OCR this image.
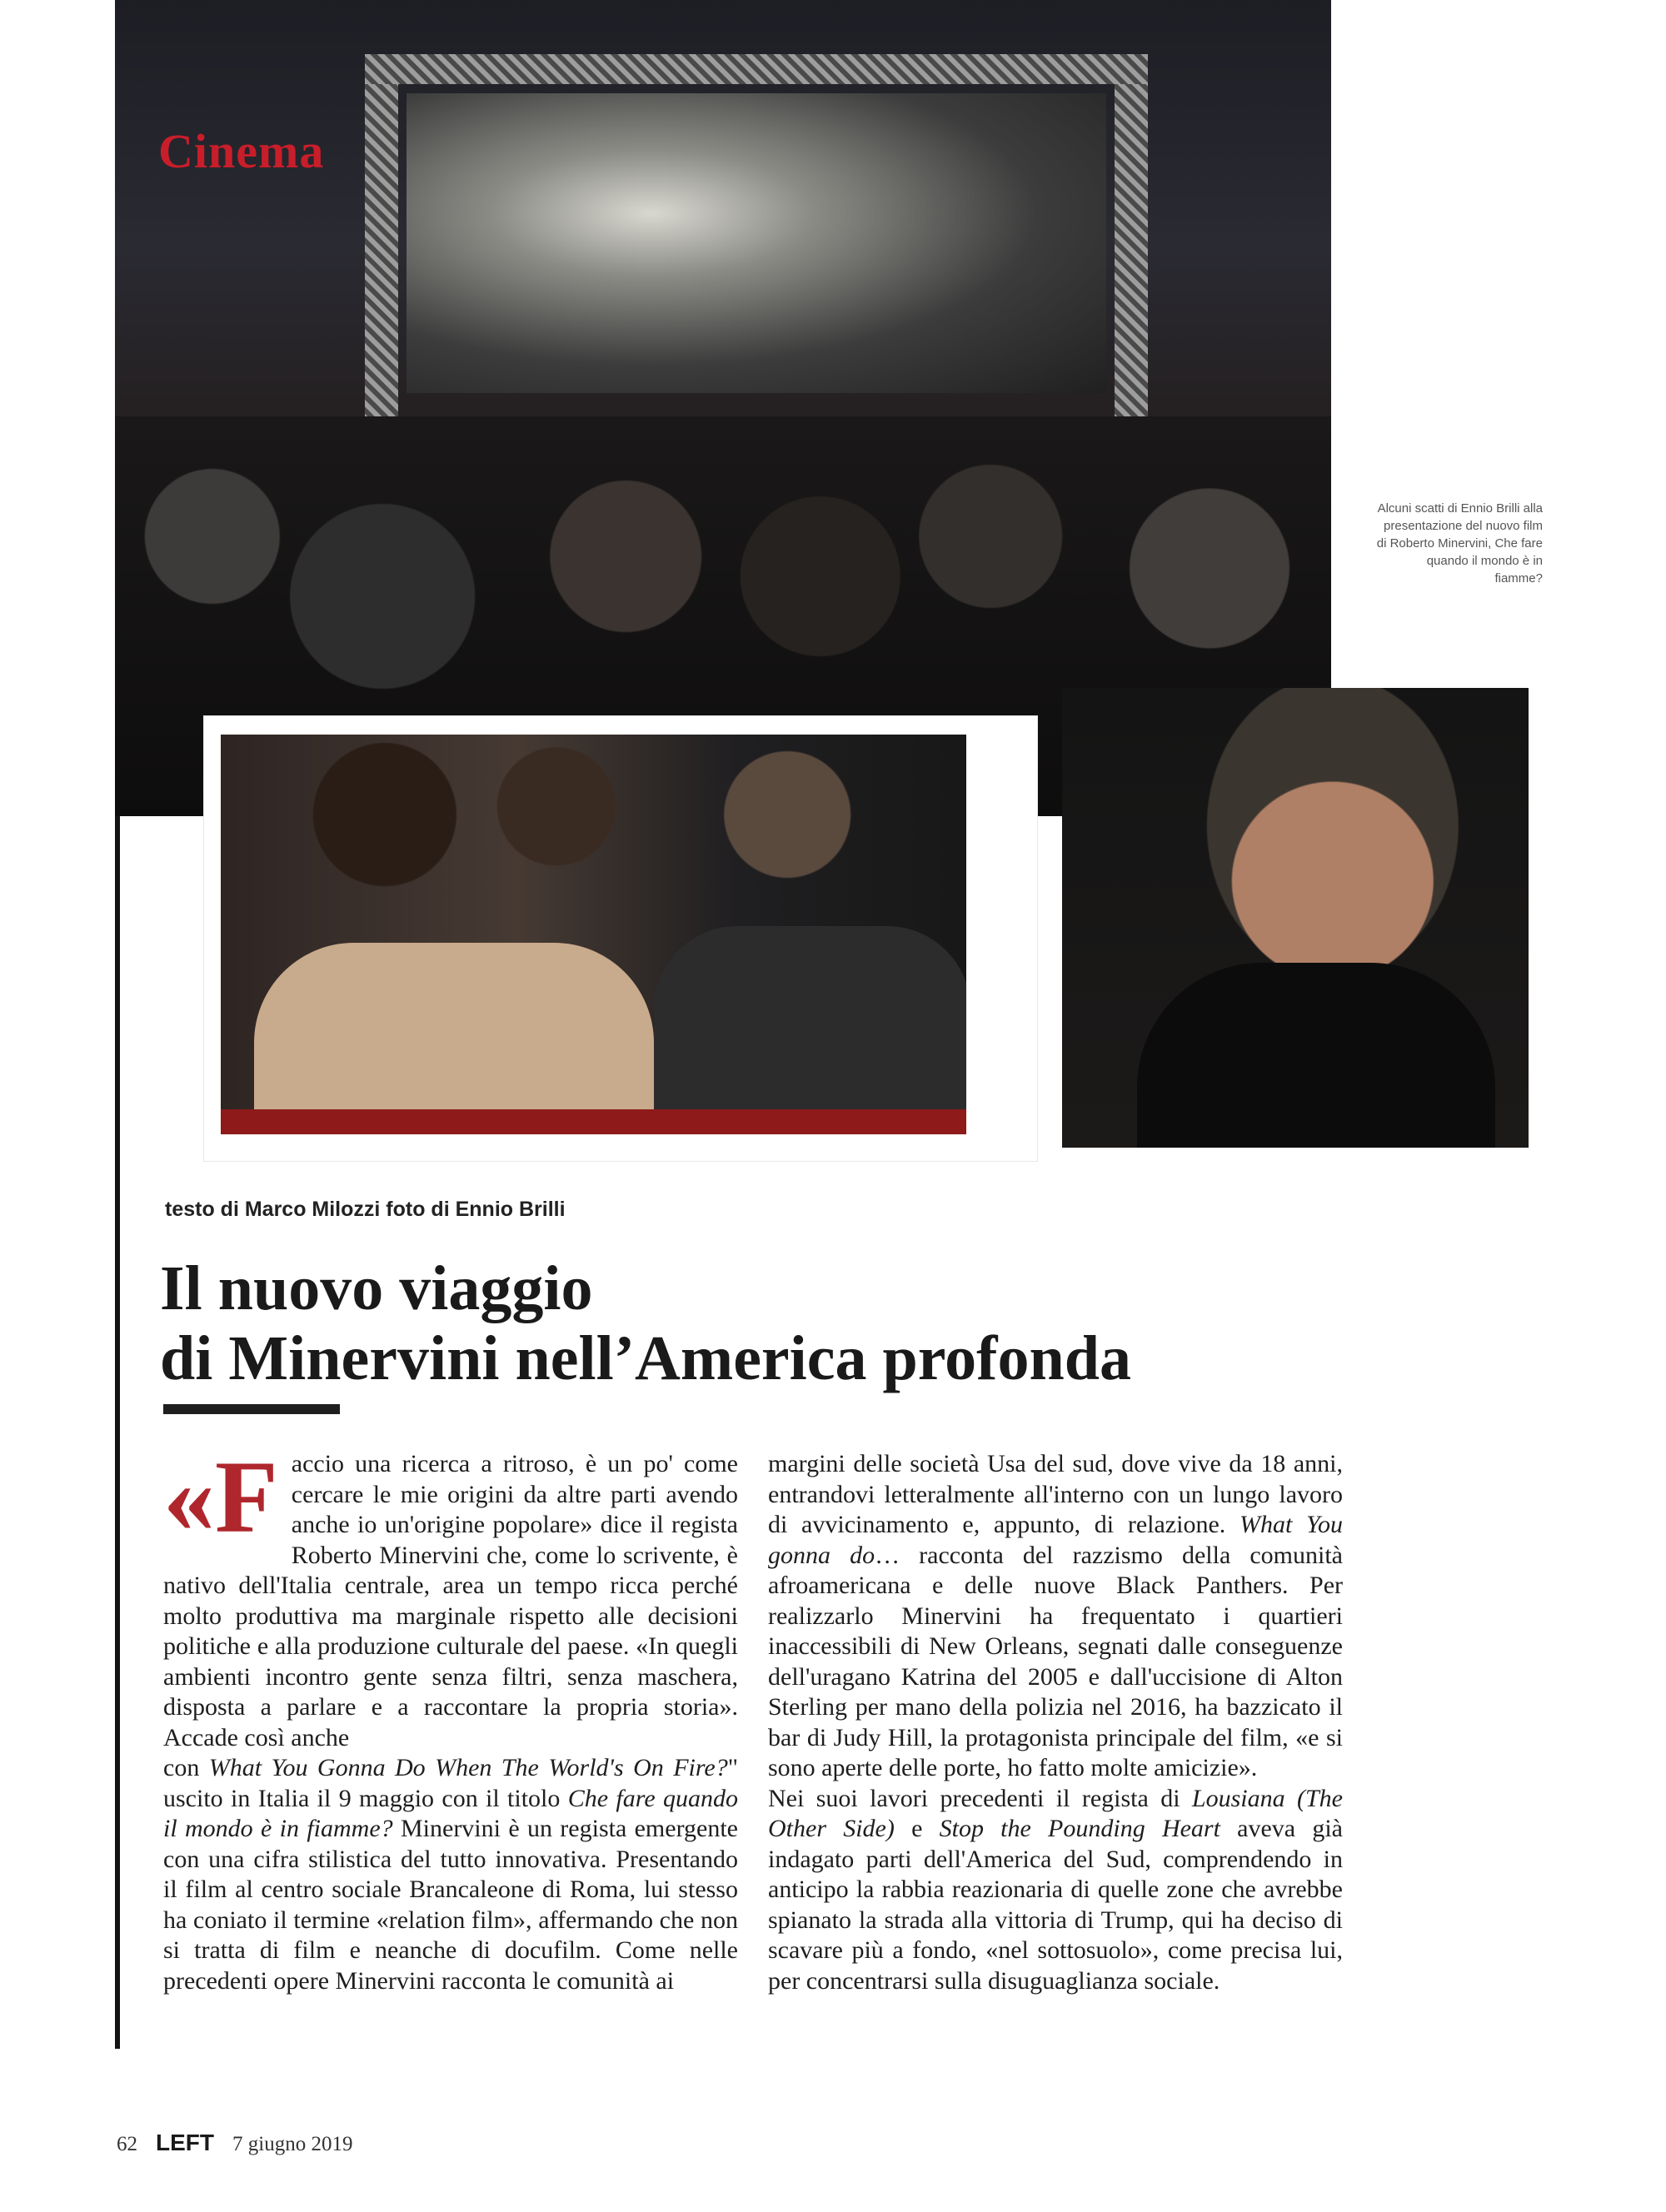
Cinema
Alcuni scatti di Ennio Brilli alla presentazione del nuovo film di Roberto Minervini, Che fare quando il mondo è in fiamme?
testo di Marco Milozzi foto di Ennio Brilli
Il nuovo viaggio
di Minervini nell’America profonda

«Faccio una ricerca a ritroso, è un po' come cercare le mie origini da altre parti avendo anche io un'origine popolare» dice il regista Roberto Minervini che, come lo scrivente, è nativo dell'Italia centrale, area un tempo ricca perché molto produttiva ma marginale rispetto alle decisioni politiche e alla produzione culturale del paese. «In quegli ambienti incontro gente senza filtri, senza maschera, disposta a parlare e a raccontare la propria storia». Accade così anche

con What You Gonna Do When The World's On Fire?" uscito in Italia il 9 maggio con il titolo Che fare quando il mondo è in fiamme? Minervini è un regista emergente con una cifra stilistica del tutto innovativa. Presentando il film al centro sociale Brancaleone di Roma, lui stesso ha coniato il termine «relation film», affermando che non si tratta di film e neanche di docufilm. Come nelle precedenti opere Minervini racconta le comunità ai

margini delle società Usa del sud, dove vive da 18 anni, entrandovi letteralmente all'interno con un lungo lavoro di avvicinamento e, appunto, di relazione. What You gonna do… racconta del razzismo della comunità afroamericana e delle nuove Black Panthers. Per realizzarlo Minervini ha frequentato i quartieri inaccessibili di New Orleans, segnati dalle conseguenze dell'uragano Katrina del 2005 e dall'uccisione di Alton Sterling per mano della polizia nel 2016, ha bazzicato il bar di Judy Hill, la protagonista principale del film, «e si sono aperte delle porte, ho fatto molte amicizie».

Nei suoi lavori precedenti il regista di Lousiana (The Other Side) e Stop the Pounding Heart aveva già indagato parti dell'America del Sud, comprendendo in anticipo la rabbia reazionaria di quelle zone che avrebbe spianato la strada alla vittoria di Trump, qui ha deciso di scavare più a fondo, «nel sottosuolo», come precisa lui, per concentrarsi sulla disuguaglianza sociale.

62 LEFT 7 giugno 2019
